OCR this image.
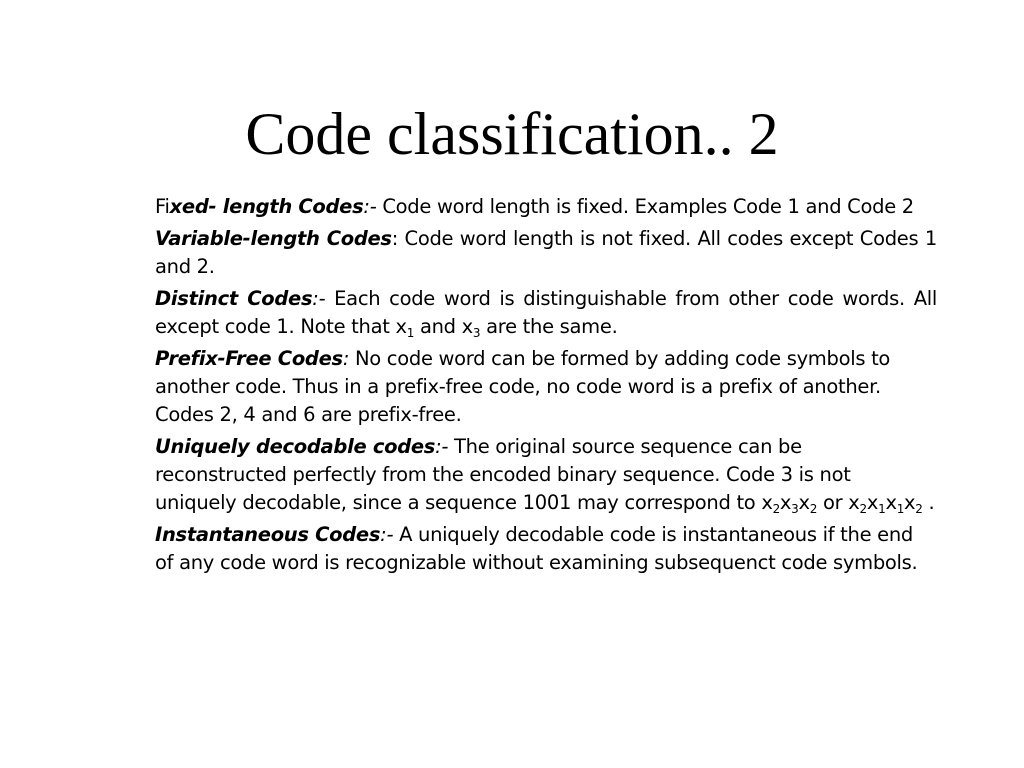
Code classification.. 2

Fixed- length Codes:- Code word length is fixed. Examples Code 1 and Code 2

Variable-length Codes: Code word length is not fixed. All codes except Codes 1 and 2.

Distinct Codes:- Each code word is distinguishable from other code words. All except code 1. Note that $x_1$ and $x_3$ are the same.

Prefix-Free Codes: No code word can be formed by adding code symbols to another code. Thus in a prefix-free code, no code word is a prefix of another. Codes 2, 4 and 6 are prefix-free.

Uniquely decodable codes:- The original source sequence can be reconstructed perfectly from the encoded binary sequence. Code 3 is not uniquely decodable, since a sequence 1001 may correspond to $x_2x_3x_2$ or $x_2x_1x_1x_2$ .

Instantaneous Codes:- A uniquely decodable code is instantaneous if the end of any code word is recognizable without examining subsequenct code symbols.
